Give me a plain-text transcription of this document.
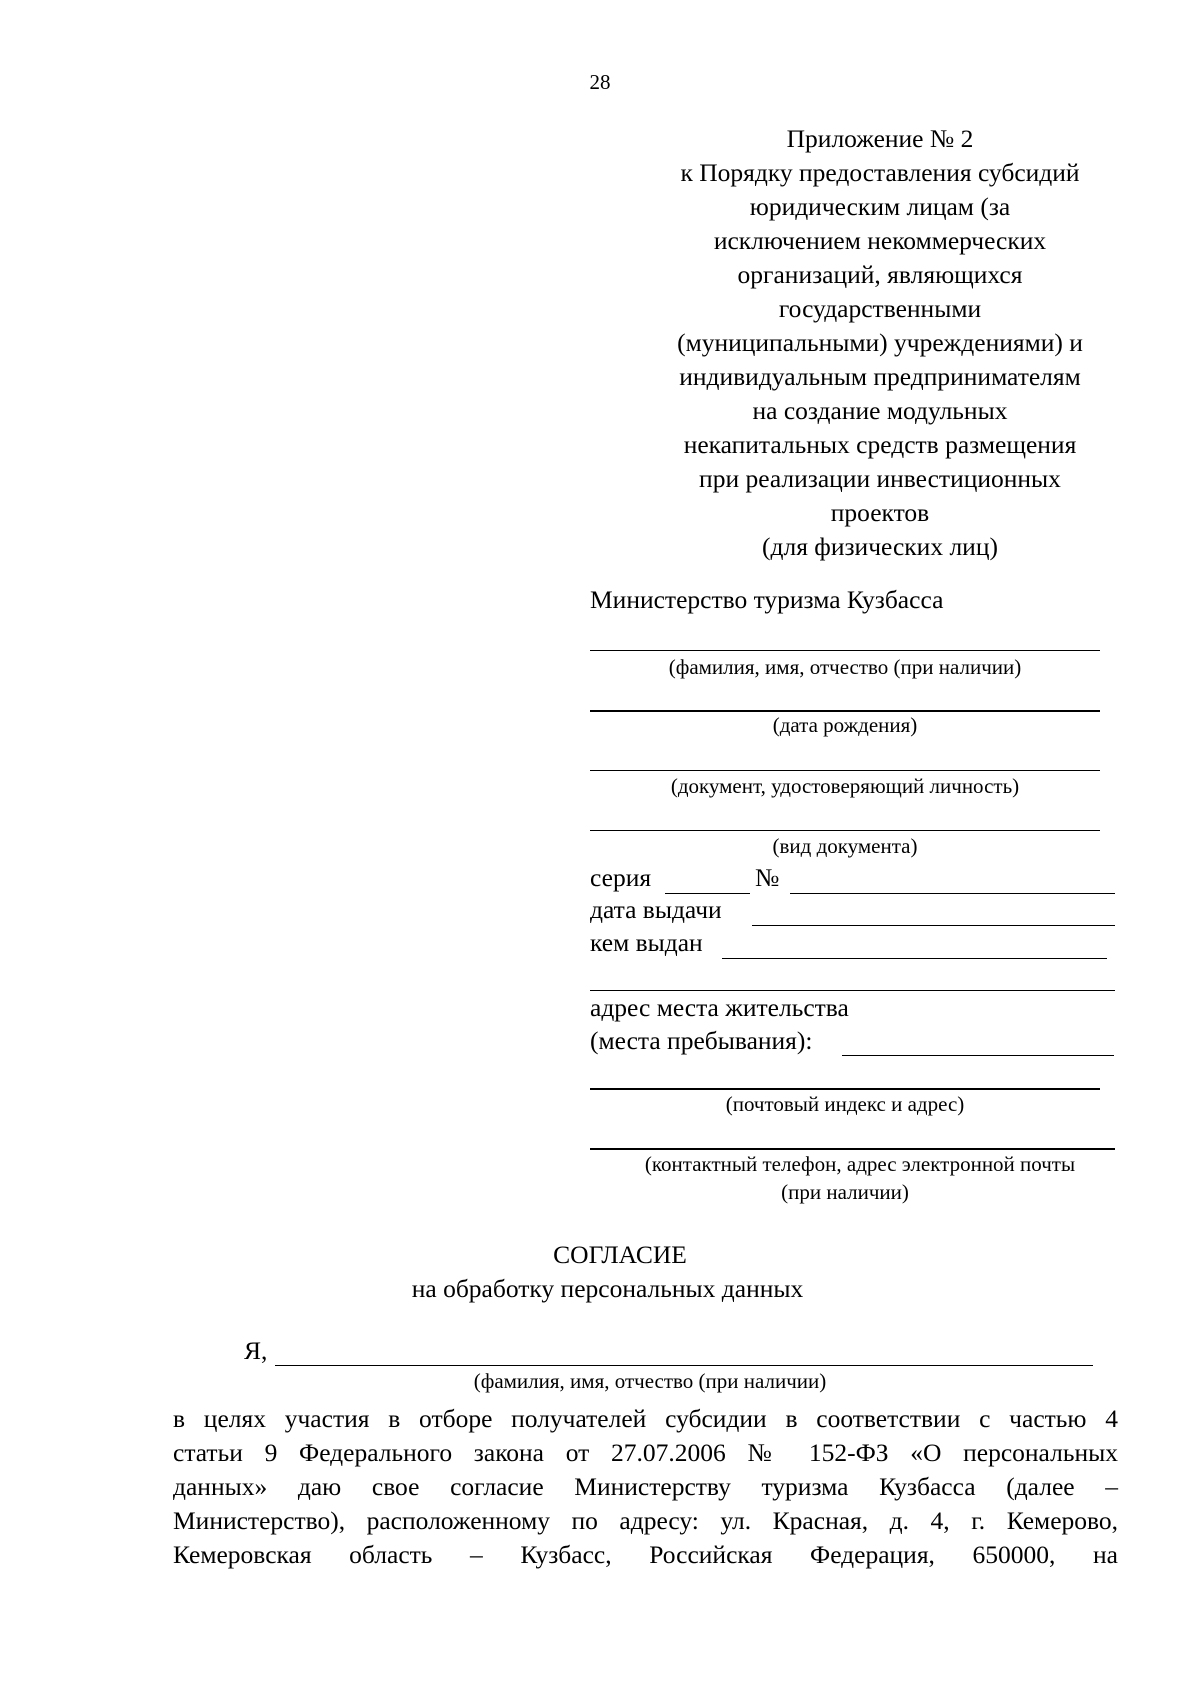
28
Приложение № 2
к Порядку предоставления субсидий
юридическим лицам (за
исключением некоммерческих
организаций, являющихся
государственными
(муниципальными) учреждениями) и
индивидуальным предпринимателям
на создание модульных
некапитальных средств размещения
при реализации инвестиционных
проектов
(для физических лиц)
Министерство туризма Кузбасса
(фамилия, имя, отчество (при наличии)
(дата рождения)
(документ, удостоверяющий личность)
(вид документа)
серия	№
дата выдачи
кем выдан
адрес места жительства
(места пребывания):
(почтовый индекс и адрес)
(контактный телефон, адрес электронной почты
(при наличии)
СОГЛАСИЕ
на обработку персональных данных
Я,
(фамилия, имя, отчество (при наличии)
в целях участия в отборе получателей субсидии в соответствии с частью 4
статьи 9 Федерального закона от 27.07.2006 № 152-ФЗ «О персональных
данных» даю свое согласие Министерству туризма Кузбасса (далее –
Министерство), расположенному по адресу: ул. Красная, д. 4, г. Кемерово,
Кемеровская область – Кузбасс, Российская Федерация, 650000, на
